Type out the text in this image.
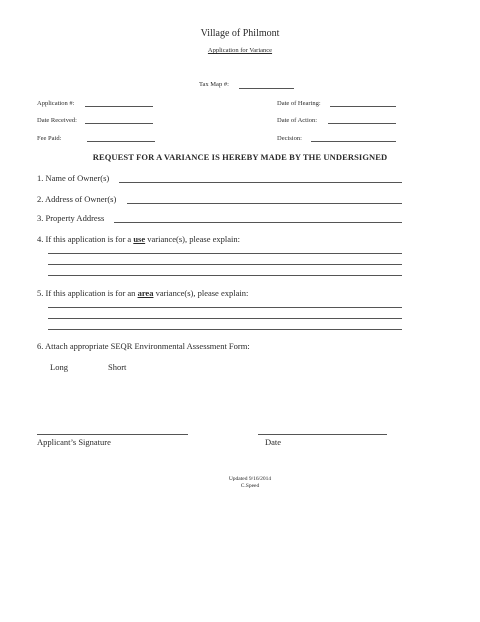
Village of Philmont
Application for Variance
Tax Map #:
Application #:
Date Received:
Fee Paid:
Date of Hearing:
Date of Action:
Decision:
REQUEST FOR A VARIANCE IS HEREBY MADE BY THE UNDERSIGNED
1. Name of Owner(s)
2. Address of Owner(s)
3. Property Address
4. If this application is for a use variance(s), please explain:
5. If this application is for an area variance(s), please explain:
6. Attach appropriate SEQR Environmental Assessment Form:
Long	Short
Applicant’s Signature	Date
Updated 9/16/2014
C.Speed
